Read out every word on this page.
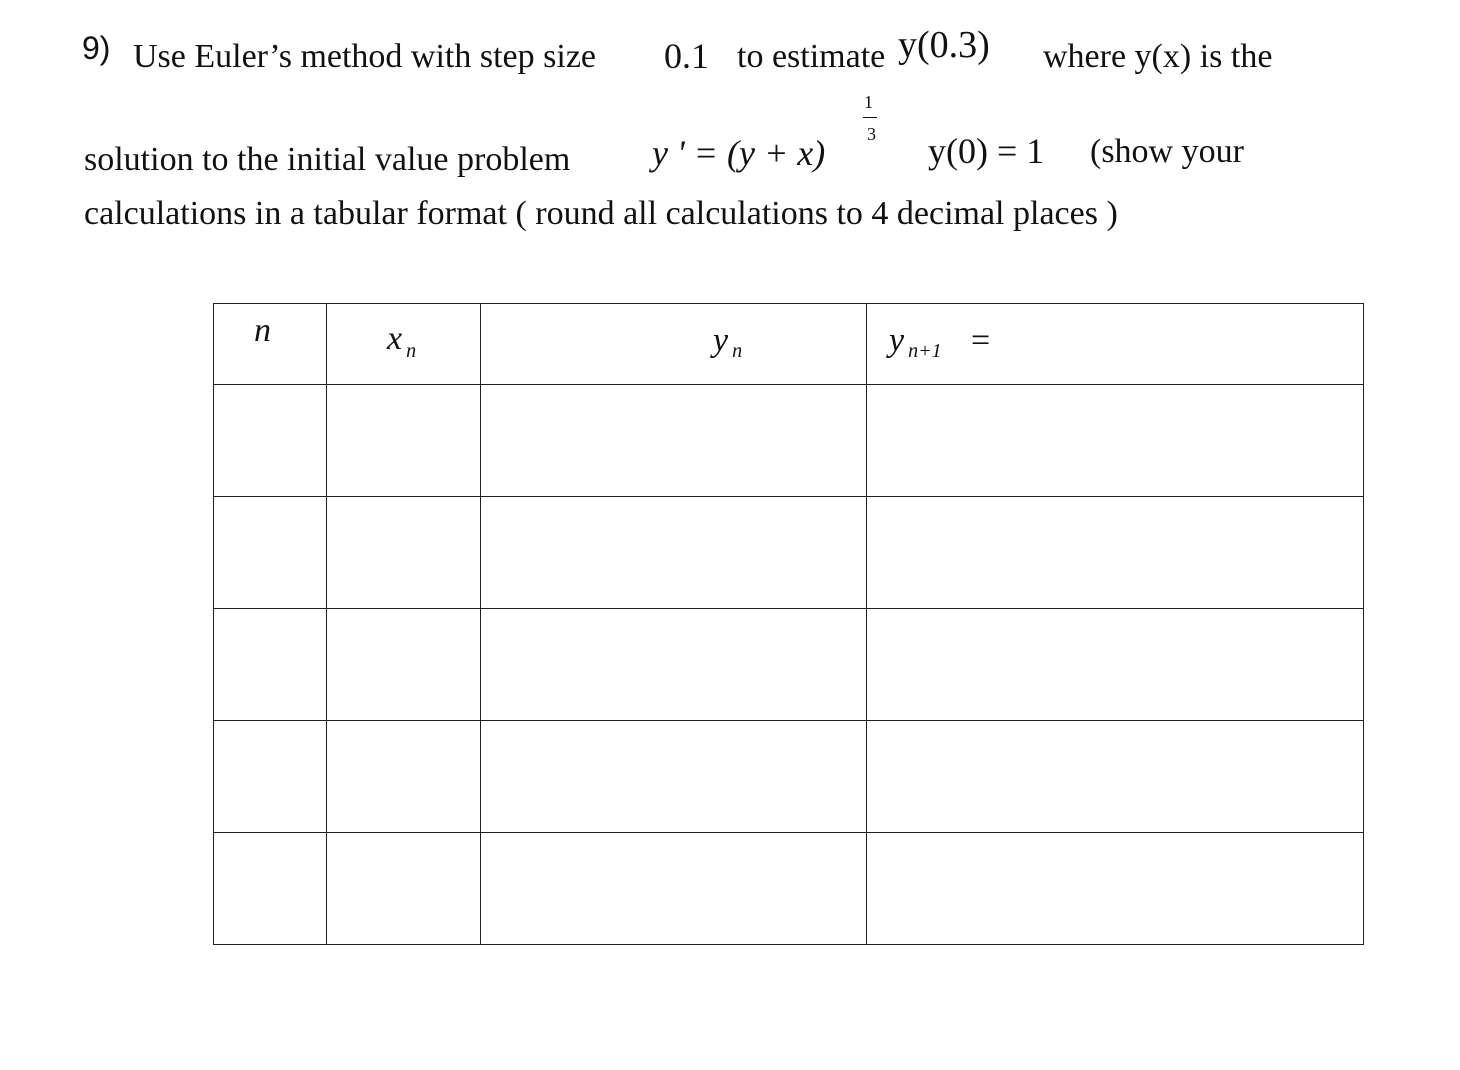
9) Use Euler’s method with step size 0.1 to estimate y(0.3) where y(x) is the
solution to the initial value problem y ' = (y + x)
1
3 y(0) = 1 (show your
calculations in a tabular format ( round all calculations to 4 decimal places )
n	x $_n$	yn	yn+1 =
